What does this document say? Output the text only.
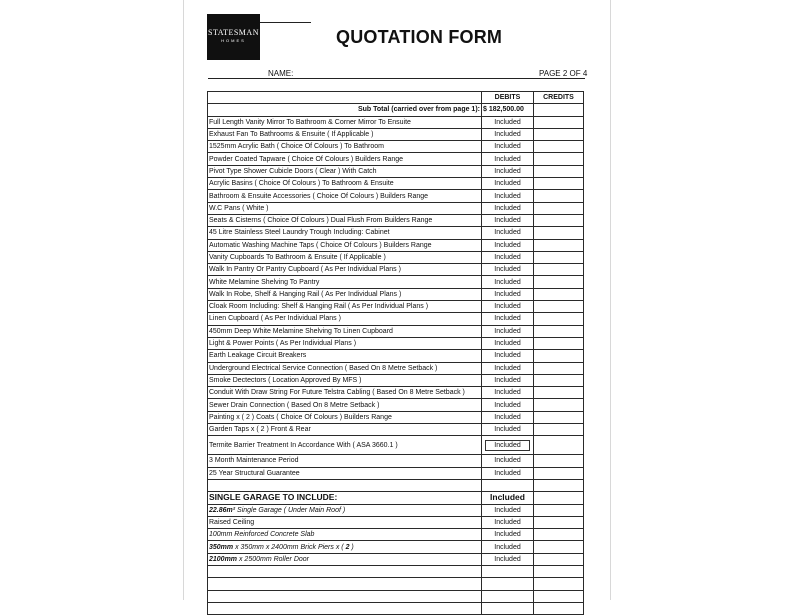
STATESMAN
HOMES	QUOTATION FORM
NAME:	PAGE 2 OF 4
	DEBITS	CREDITS
Sub Total (carried over from page 1):	$ 182,500.00	
Full Length Vanity Mirror To Bathroom & Corner Mirror To Ensuite	Included	
Exhaust Fan To Bathrooms & Ensuite ( If Applicable )	Included	
1525mm Acrylic Bath ( Choice Of Colours ) To Bathroom	Included	
Powder Coated Tapware ( Choice Of Colours ) Builders Range	Included	
Pivot Type Shower Cubicle Doors ( Clear ) With Catch	Included	
Acrylic Basins ( Choice Of Colours ) To Bathroom & Ensuite	Included	
Bathroom & Ensuite Accessories ( Choice Of Colours ) Builders Range	Included	
W.C Pans ( White )	Included	
Seats & Cisterns ( Choice Of Colours ) Dual Flush From Builders Range	Included	
45 Litre Stainless Steel Laundry Trough Including: Cabinet	Included	
Automatic Washing Machine Taps ( Choice Of Colours ) Builders Range	Included	
Vanity Cupboards To Bathroom & Ensuite ( If Applicable )	Included	
Walk In Pantry Or Pantry Cupboard ( As Per Individual Plans )	Included	
White Melamine Shelving To Pantry	Included	
Walk In Robe, Shelf & Hanging Rail ( As Per Individual Plans )	Included	
Cloak Room Including: Shelf & Hanging Rail ( As Per Individual Plans )	Included	
Linen Cupboard ( As Per Individual Plans )	Included	
450mm Deep White Melamine Shelving To Linen Cupboard	Included	
Light & Power Points ( As Per Individual Plans )	Included	
Earth Leakage Circuit Breakers	Included	
Underground Electrical Service Connection ( Based On 8 Metre Setback )	Included	
Smoke Dectectors ( Location Approved By MFS )	Included	
Conduit With Draw String For Future Telstra Cabling ( Based On 8 Metre Setback )	Included	
Sewer Drain Connection ( Based On 8 Metre Setback )	Included	
Painting x ( 2 ) Coats ( Choice Of Colours ) Builders Range	Included	
Garden Taps x ( 2 ) Front & Rear	Included	
Termite Barrier Treatment In Accordance With ( ASA 3660.1 )	Included	
3 Month Maintenance Period	Included	
25 Year Structural Guarantee	Included	

SINGLE GARAGE TO INCLUDE:	Included	
22.86m² Single Garage ( Under Main Roof )	Included	
Raised Ceiling	Included	
100mm Reinforced Concrete Slab	Included	
350mm x 350mm x 2400mm Brick Piers x ( 2 )	Included	
2100mm x 2500mm Roller Door	Included	
